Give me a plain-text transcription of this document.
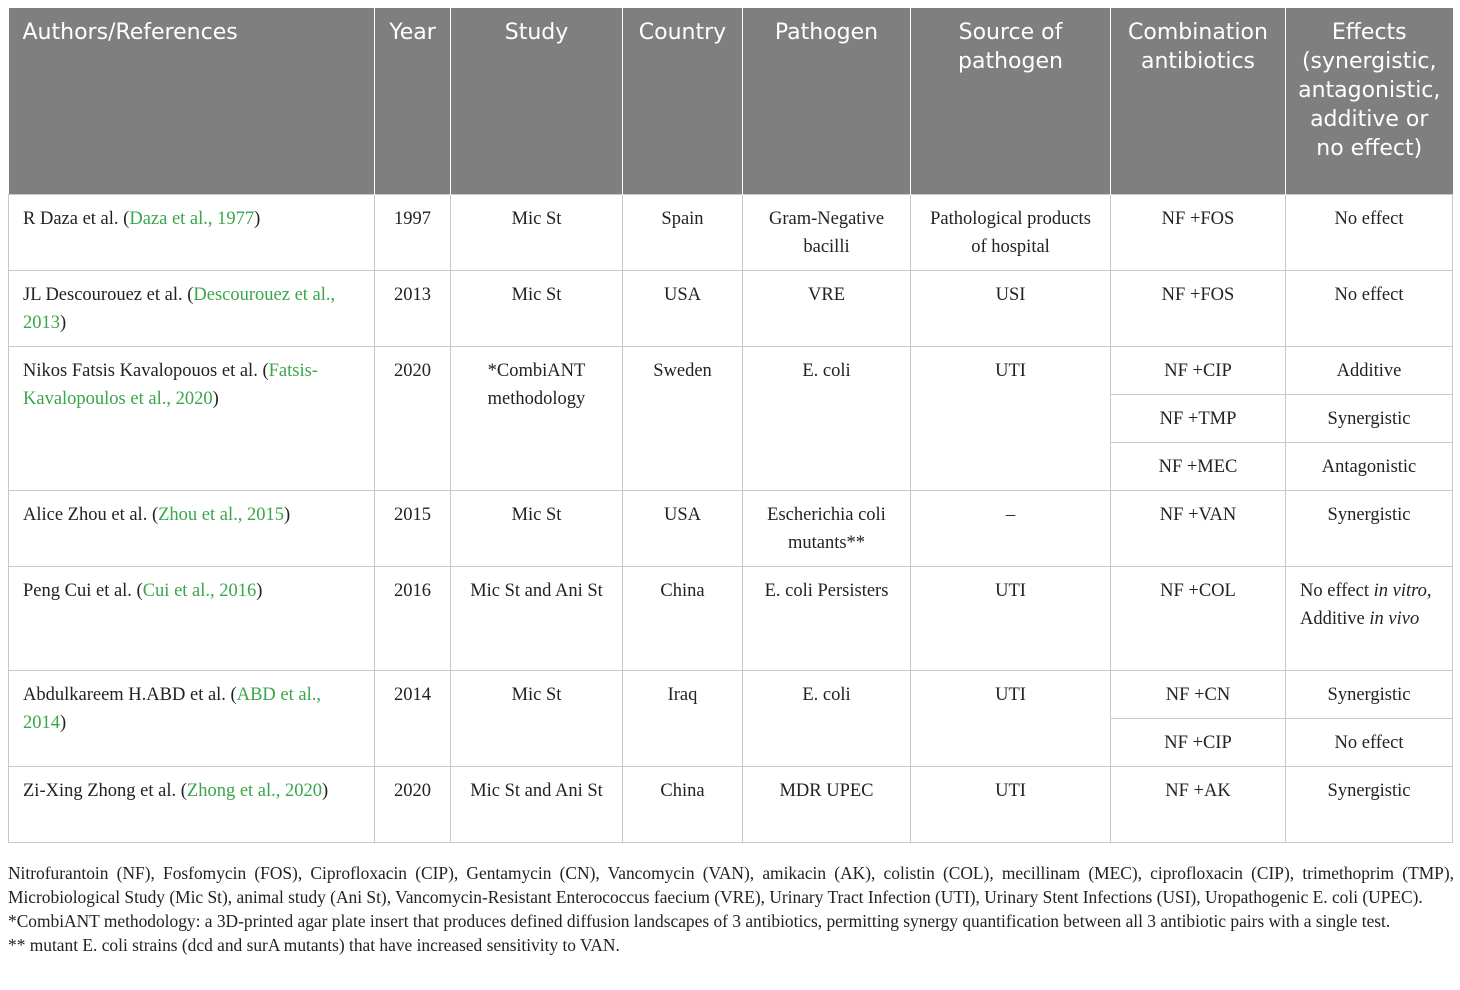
Authors/References	Year	Study	Country	Pathogen	Source of pathogen	Combination antibiotics	Effects (synergistic, antagonistic, additive or no effect)
R Daza et al. (Daza et al., 1977)	1997	Mic St	Spain	Gram-Negative bacilli	Pathological products of hospital	NF +FOS	No effect
JL Descourouez et al. (Descourouez et al., 2013)	2013	Mic St	USA	VRE	USI	NF +FOS	No effect
Nikos Fatsis Kavalopouos et al. (Fatsis-Kavalopoulos et al., 2020)	2020	*CombiANT methodology	Sweden	E. coli	UTI	NF +CIP	Additive
						NF +TMP	Synergistic
						NF +MEC	Antagonistic
Alice Zhou et al. (Zhou et al., 2015)	2015	Mic St	USA	Escherichia coli mutants**	–	NF +VAN	Synergistic
Peng Cui et al. (Cui et al., 2016)	2016	Mic St and Ani St	China	E. coli Persisters	UTI	NF +COL	No effect in vitro,
Additive in vivo
Abdulkareem H.ABD et al. (ABD et al., 2014)	2014	Mic St	Iraq	E. coli	UTI	NF +CN	Synergistic
						NF +CIP	No effect
Zi-Xing Zhong et al. (Zhong et al., 2020)	2020	Mic St and Ani St	China	MDR UPEC	UTI	NF +AK	Synergistic

Nitrofurantoin (NF), Fosfomycin (FOS), Ciprofloxacin (CIP), Gentamycin (CN), Vancomycin (VAN), amikacin (AK), colistin (COL), mecillinam (MEC), ciprofloxacin (CIP), trimethoprim (TMP), Microbiological Study (Mic St), animal study (Ani St), Vancomycin-Resistant Enterococcus faecium (VRE), Urinary Tract Infection (UTI), Urinary Stent Infections (USI), Uropathogenic E. coli (UPEC).

*CombiANT methodology: a 3D-printed agar plate insert that produces defined diffusion landscapes of 3 antibiotics, permitting synergy quantification between all 3 antibiotic pairs with a single test.

** mutant E. coli strains (dcd and surA mutants) that have increased sensitivity to VAN.
